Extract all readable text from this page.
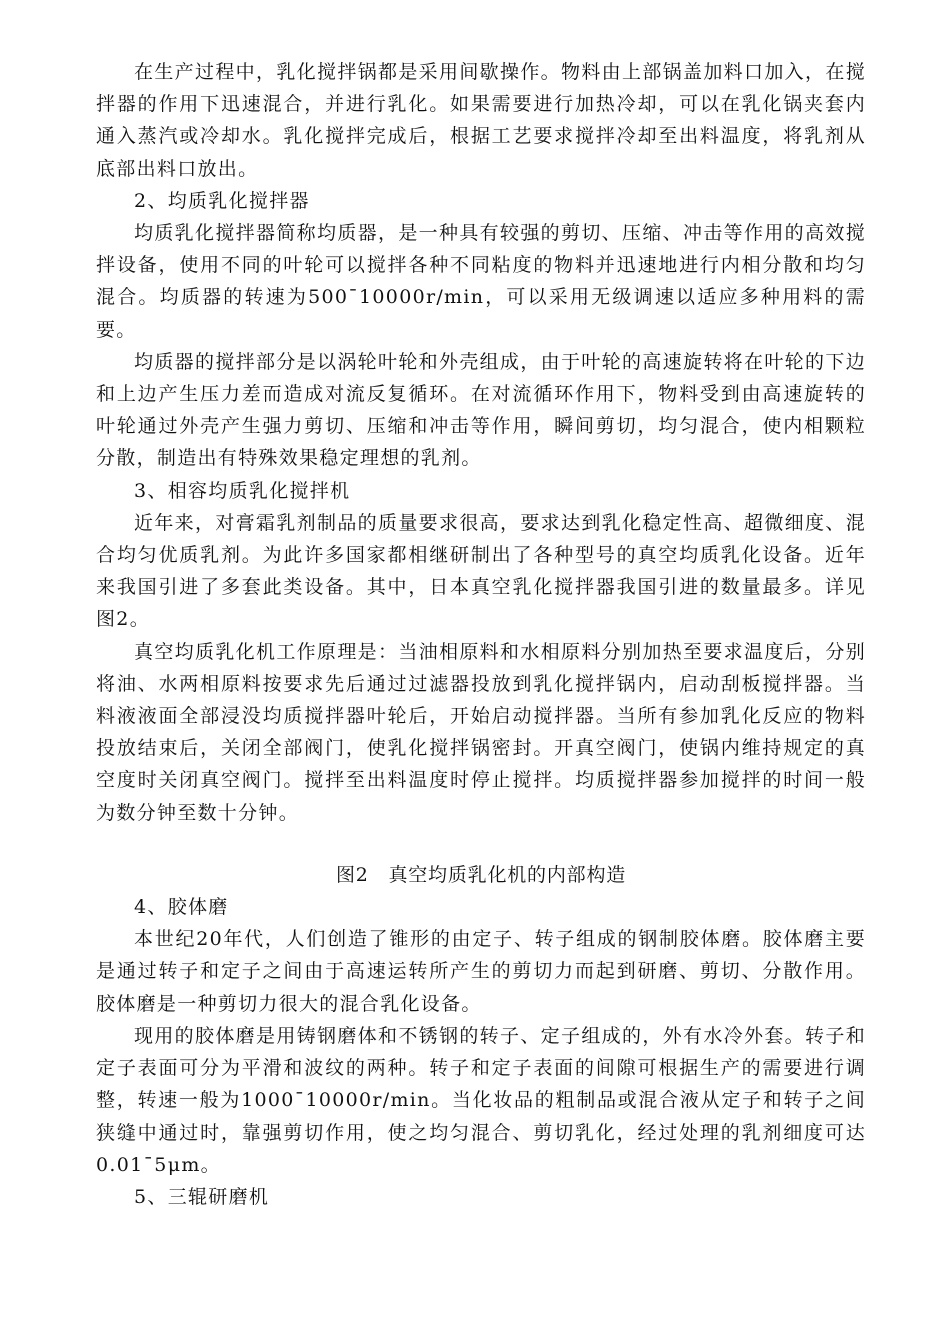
在生产过程中，乳化搅拌锅都是采用间歇操作。物料由上部锅盖加料口加入，在搅拌器的作用下迅速混合，并进行乳化。如果需要进行加热冷却，可以在乳化锅夹套内通入蒸汽或冷却水。乳化搅拌完成后，根据工艺要求搅拌冷却至出料温度，将乳剂从底部出料口放出。

2、均质乳化搅拌器

均质乳化搅拌器简称均质器，是一种具有较强的剪切、压缩、冲击等作用的高效搅拌设备，使用不同的叶轮可以搅拌各种不同粘度的物料并迅速地进行内相分散和均匀混合。均质器的转速为500¯10000r/min，可以采用无级调速以适应多种用料的需要。

均质器的搅拌部分是以涡轮叶轮和外壳组成，由于叶轮的高速旋转将在叶轮的下边和上边产生压力差而造成对流反复循环。在对流循环作用下，物料受到由高速旋转的叶轮通过外壳产生强力剪切、压缩和冲击等作用，瞬间剪切，均匀混合，使内相颗粒分散，制造出有特殊效果稳定理想的乳剂。

3、相容均质乳化搅拌机

近年来，对膏霜乳剂制品的质量要求很高，要求达到乳化稳定性高、超微细度、混合均匀优质乳剂。为此许多国家都相继研制出了各种型号的真空均质乳化设备。近年来我国引进了多套此类设备。其中，日本真空乳化搅拌器我国引进的数量最多。详见图2。

真空均质乳化机工作原理是：当油相原料和水相原料分别加热至要求温度后，分别将油、水两相原料按要求先后通过过滤器投放到乳化搅拌锅内，启动刮板搅拌器。当料液液面全部浸没均质搅拌器叶轮后，开始启动搅拌器。当所有参加乳化反应的物料投放结束后，关闭全部阀门，使乳化搅拌锅密封。开真空阀门，使锅内维持规定的真空度时关闭真空阀门。搅拌至出料温度时停止搅拌。均质搅拌器参加搅拌的时间一般为数分钟至数十分钟。

图2　真空均质乳化机的内部构造

4、胶体磨

本世纪20年代，人们创造了锥形的由定子、转子组成的钢制胶体磨。胶体磨主要是通过转子和定子之间由于高速运转所产生的剪切力而起到研磨、剪切、分散作用。胶体磨是一种剪切力很大的混合乳化设备。

现用的胶体磨是用铸钢磨体和不锈钢的转子、定子组成的，外有水冷外套。转子和定子表面可分为平滑和波纹的两种。转子和定子表面的间隙可根据生产的需要进行调整，转速一般为1000¯10000r/min。当化妆品的粗制品或混合液从定子和转子之间狭缝中通过时，靠强剪切作用，使之均匀混合、剪切乳化，经过处理的乳剂细度可达0.01¯5μm。

5、三辊研磨机
